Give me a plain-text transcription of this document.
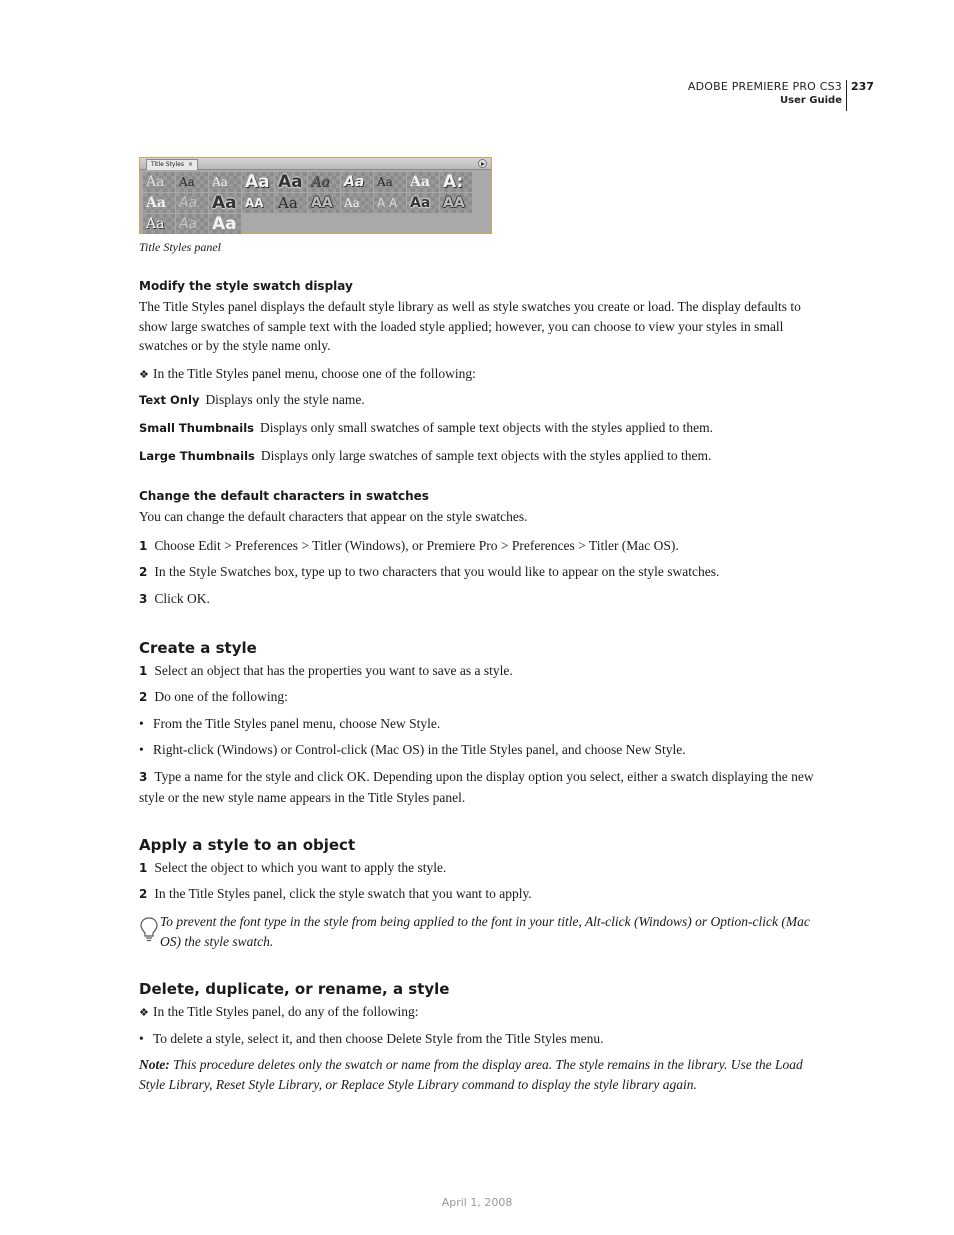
ADOBE PREMIERE PRO CS3
User Guide
237
Title Styles ×
Aa	Aa	Aa	Aa Aa Aa	Aa	Aa	Aa A:
Aa Aa Aa AA Aa AA Aa	A A Aa AA
Aa	Aa Aa
Title Styles panel
Modify the style swatch display
The Title Styles panel displays the default style library as well as style swatches you create or load. The display defaults to show large swatches of sample text with the loaded style applied; however, you can choose to view your styles in small swatches or by the style name only.
❖ In the Title Styles panel menu, choose one of the following:
Text Only Displays only the style name.
Small Thumbnails Displays only small swatches of sample text objects with the styles applied to them.
Large Thumbnails Displays only large swatches of sample text objects with the styles applied to them.
Change the default characters in swatches
You can change the default characters that appear on the style swatches.
1 Choose Edit > Preferences > Titler (Windows), or Premiere Pro > Preferences > Titler (Mac OS).
2 In the Style Swatches box, type up to two characters that you would like to appear on the style swatches.
3 Click OK.
Create a style
1 Select an object that has the properties you want to save as a style.
2 Do one of the following:
• From the Title Styles panel menu, choose New Style.
• Right-click (Windows) or Control-click (Mac OS) in the Title Styles panel, and choose New Style.
3 Type a name for the style and click OK. Depending upon the display option you select, either a swatch displaying the new style or the new style name appears in the Title Styles panel.
Apply a style to an object
1 Select the object to which you want to apply the style.
2 In the Title Styles panel, click the style swatch that you want to apply.
To prevent the font type in the style from being applied to the font in your title, Alt-click (Windows) or Option-click (Mac OS) the style swatch.
Delete, duplicate, or rename, a style
❖ In the Title Styles panel, do any of the following:
• To delete a style, select it, and then choose Delete Style from the Title Styles menu.
Note: This procedure deletes only the swatch or name from the display area. The style remains in the library. Use the Load Style Library, Reset Style Library, or Replace Style Library command to display the style library again.
April 1, 2008
